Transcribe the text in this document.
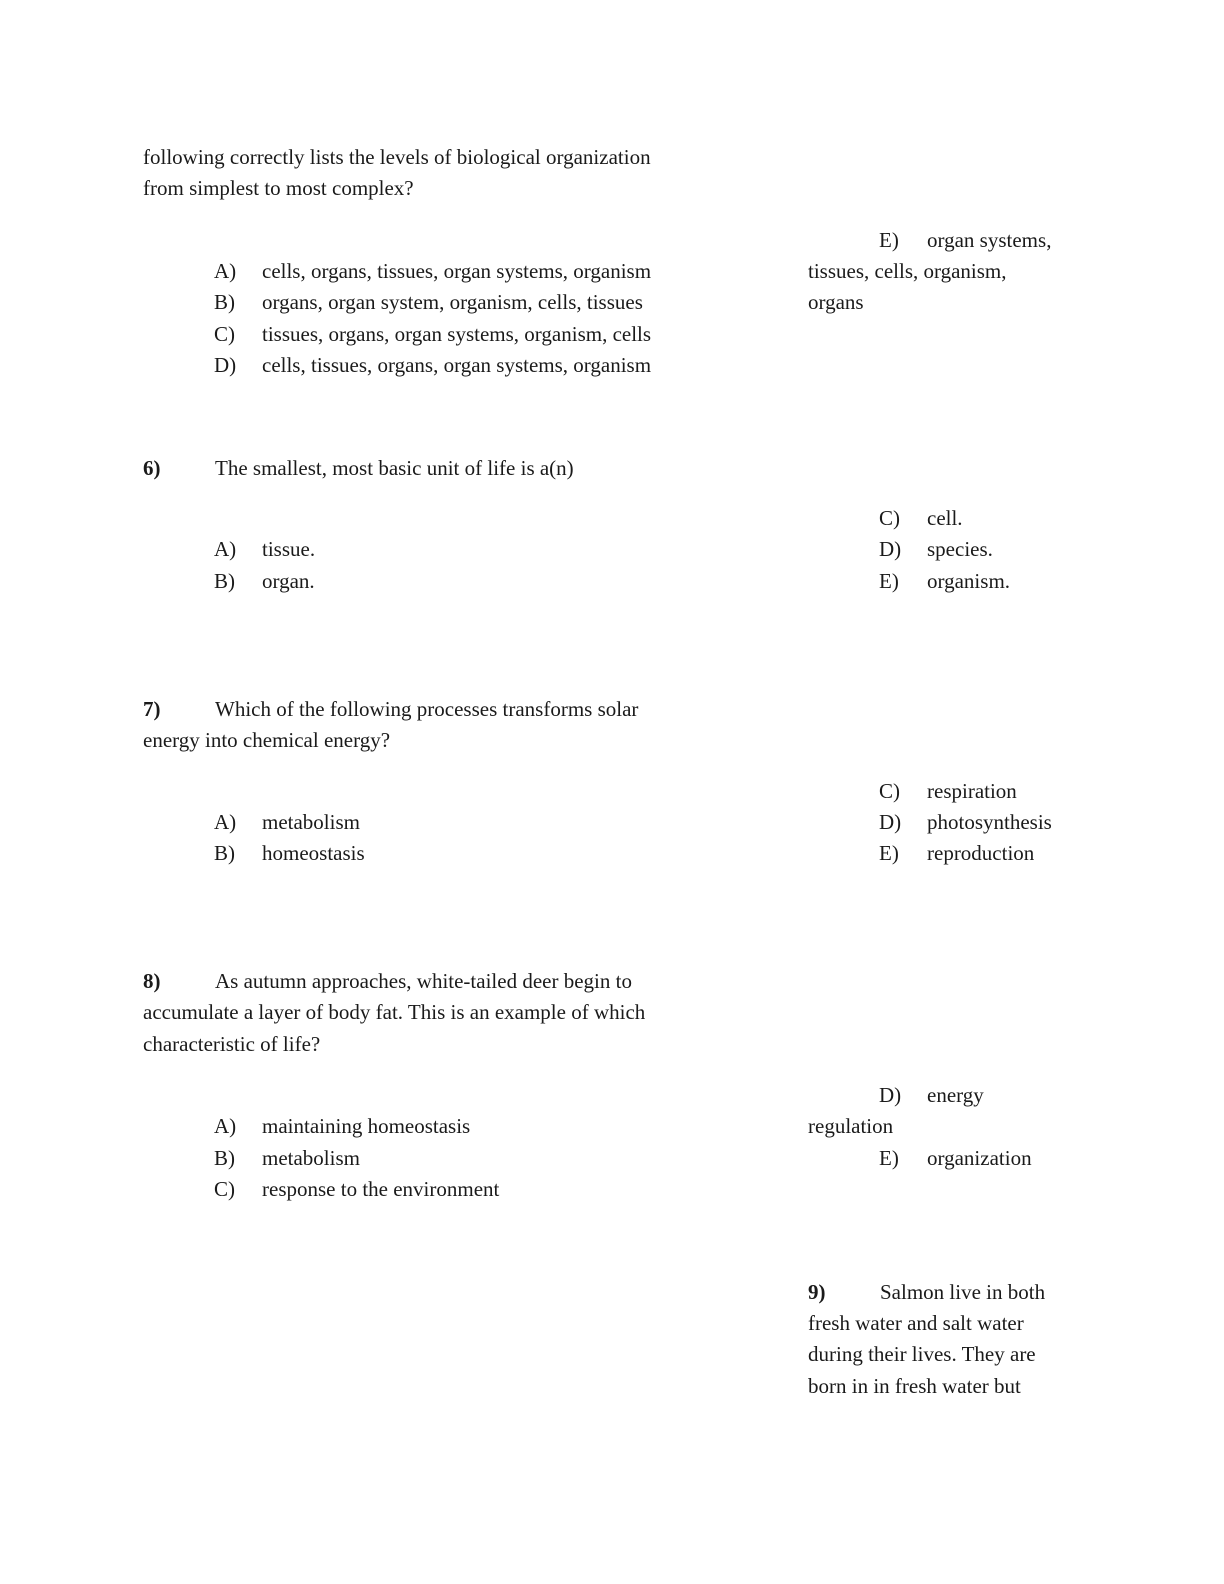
following correctly lists the levels of biological organization
from simplest to most complex?
A) cells, organs, tissues, organ systems, organism
B) organs, organ system, organism, cells, tissues
C) tissues, organs, organ systems, organism, cells
D) cells, tissues, organs, organ systems, organism
E) organ systems,
tissues, cells, organism,
organs
6)	The smallest, most basic unit of life is a(n)
A) tissue.
B) organ.
C) cell.
D) species.
E) organism.
7)	Which of the following processes transforms solar
energy into chemical energy?
A) metabolism
B) homeostasis
C) respiration
D) photosynthesis
E) reproduction
8)	As autumn approaches, white-tailed deer begin to
accumulate a layer of body fat. This is an example of which
characteristic of life?
A) maintaining homeostasis
B) metabolism
C) response to the environment
D) energy
regulation
E) organization
9)	Salmon live in both
fresh water and salt water
during their lives. They are
born in in fresh water but
